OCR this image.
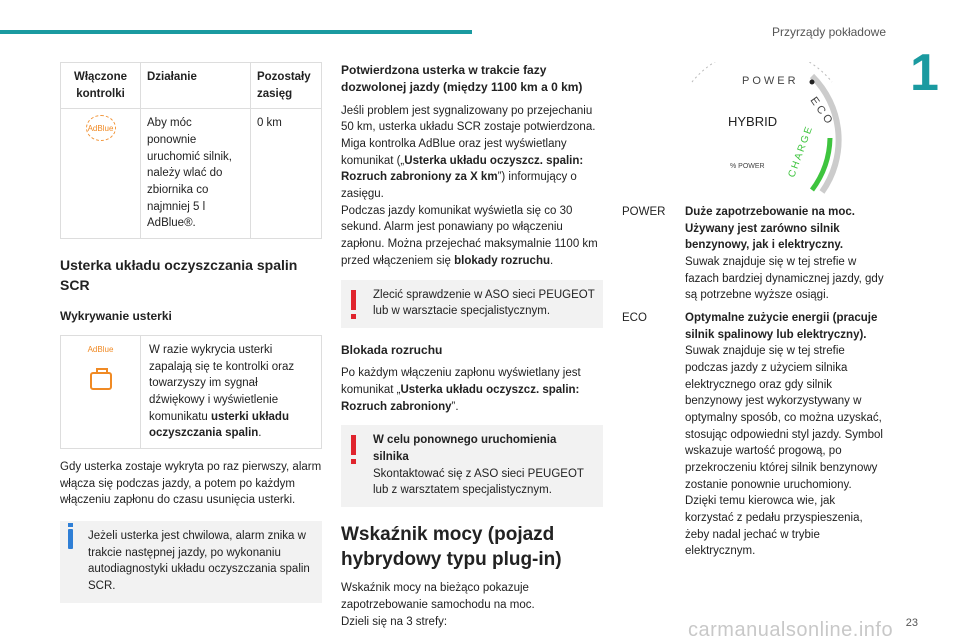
Przyrządy pokładowe
1
Włączone kontrolki	Działanie	Pozostały zasięg

AdBlue	Aby móc ponownie uruchomić silnik, należy wlać do zbiornika co najmniej 5 l AdBlue®.	0 km
Usterka układu oczyszczania spalin SCR
Wykrywanie usterki
AdBlue	W razie wykrycia usterki zapalają się te kontrolki oraz towarzyszy im sygnał dźwiękowy i wyświetlenie komunikatu usterki układu oczyszczania spalin.

Gdy usterka zostaje wykryta po raz pierwszy, alarm włącza się podczas jazdy, a potem po każdym włączeniu zapłonu do czasu usunięcia usterki.

Jeżeli usterka jest chwilowa, alarm znika w trakcie następnej jazdy, po wykonaniu autodiagnostyki układu oczyszczania spalin SCR.
Potwierdzona usterka w trakcie fazy dozwolonej jazdy (między 1100 km a 0 km)

Jeśli problem jest sygnalizowany po przejechaniu 50 km, usterka układu SCR zostaje potwierdzona. Miga kontrolka AdBlue oraz jest wyświetlany komunikat („Usterka układu oczyszcz. spalin: Rozruch zabroniony za X km”) informujący o zasięgu.
Podczas jazdy komunikat wyświetla się co 30 sekund. Alarm jest ponawiany po włączeniu zapłonu. Można przejechać maksymalnie 1100 km przed włączeniem się blokady rozruchu.

Zlecić sprawdzenie w ASO sieci PEUGEOT lub w warsztacie specjalistycznym.
Blokada rozruchu

Po każdym włączeniu zapłonu wyświetlany jest komunikat „Usterka układu oczyszcz. spalin: Rozruch zabroniony”.

W celu ponownego uruchomienia silnika
Skontaktować się z ASO sieci PEUGEOT lub z warsztatem specjalistycznym.
Wskaźnik mocy (pojazd hybrydowy typu plug-in)

Wskaźnik mocy na bieżąco pokazuje zapotrzebowanie samochodu na moc.
Dzieli się na 3 strefy:

POWER
ECO
CHARGE
HYBRID
% POWER
POWER	Duże zapotrzebowanie na moc. Używany jest zarówno silnik benzynowy, jak i elektryczny.
Suwak znajduje się w tej strefie w fazach bardziej dynamicznej jazdy, gdy są potrzebne wyższe osiągi.
ECO	Optymalne zużycie energii (pracuje silnik spalinowy lub elektryczny).
Suwak znajduje się w tej strefie podczas jazdy z użyciem silnika elektrycznego oraz gdy silnik benzynowy jest wykorzystywany w optymalny sposób, co można uzyskać, stosując odpowiedni styl jazdy. Symbol wskazuje wartość progową, po przekroczeniu której silnik benzynowy zostanie ponownie uruchomiony. Dzięki temu kierowca wie, jak korzystać z pedału przyspieszenia, żeby nadal jechać w trybie elektrycznym.
23
carmanualsonline.info
